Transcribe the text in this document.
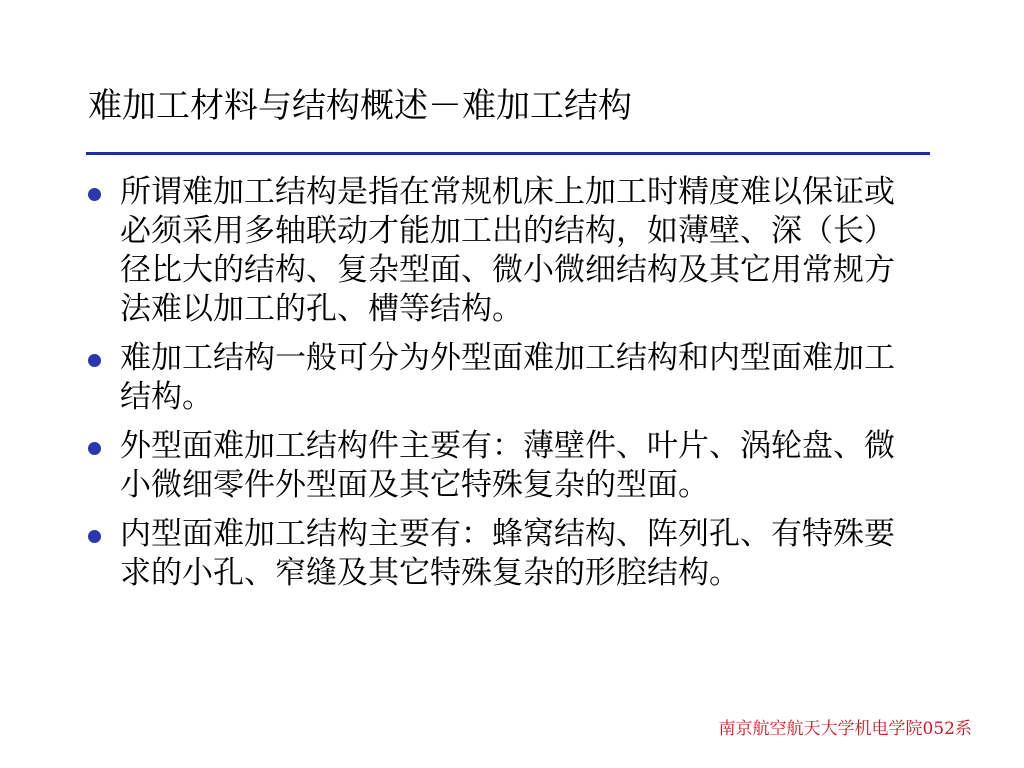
难加工材料与结构概述－难加工结构
所谓难加工结构是指在常规机床上加工时精度难以保证或必须采用多轴联动才能加工出的结构，如薄壁、深（长）径比大的结构、复杂型面、微小微细结构及其它用常规方法难以加工的孔、槽等结构。
难加工结构一般可分为外型面难加工结构和内型面难加工结构。
外型面难加工结构件主要有：薄壁件、叶片、涡轮盘、微小微细零件外型面及其它特殊复杂的型面。
内型面难加工结构主要有：蜂窝结构、阵列孔、有特殊要求的小孔、窄缝及其它特殊复杂的形腔结构。
南京航空航天大学机电学院052系
